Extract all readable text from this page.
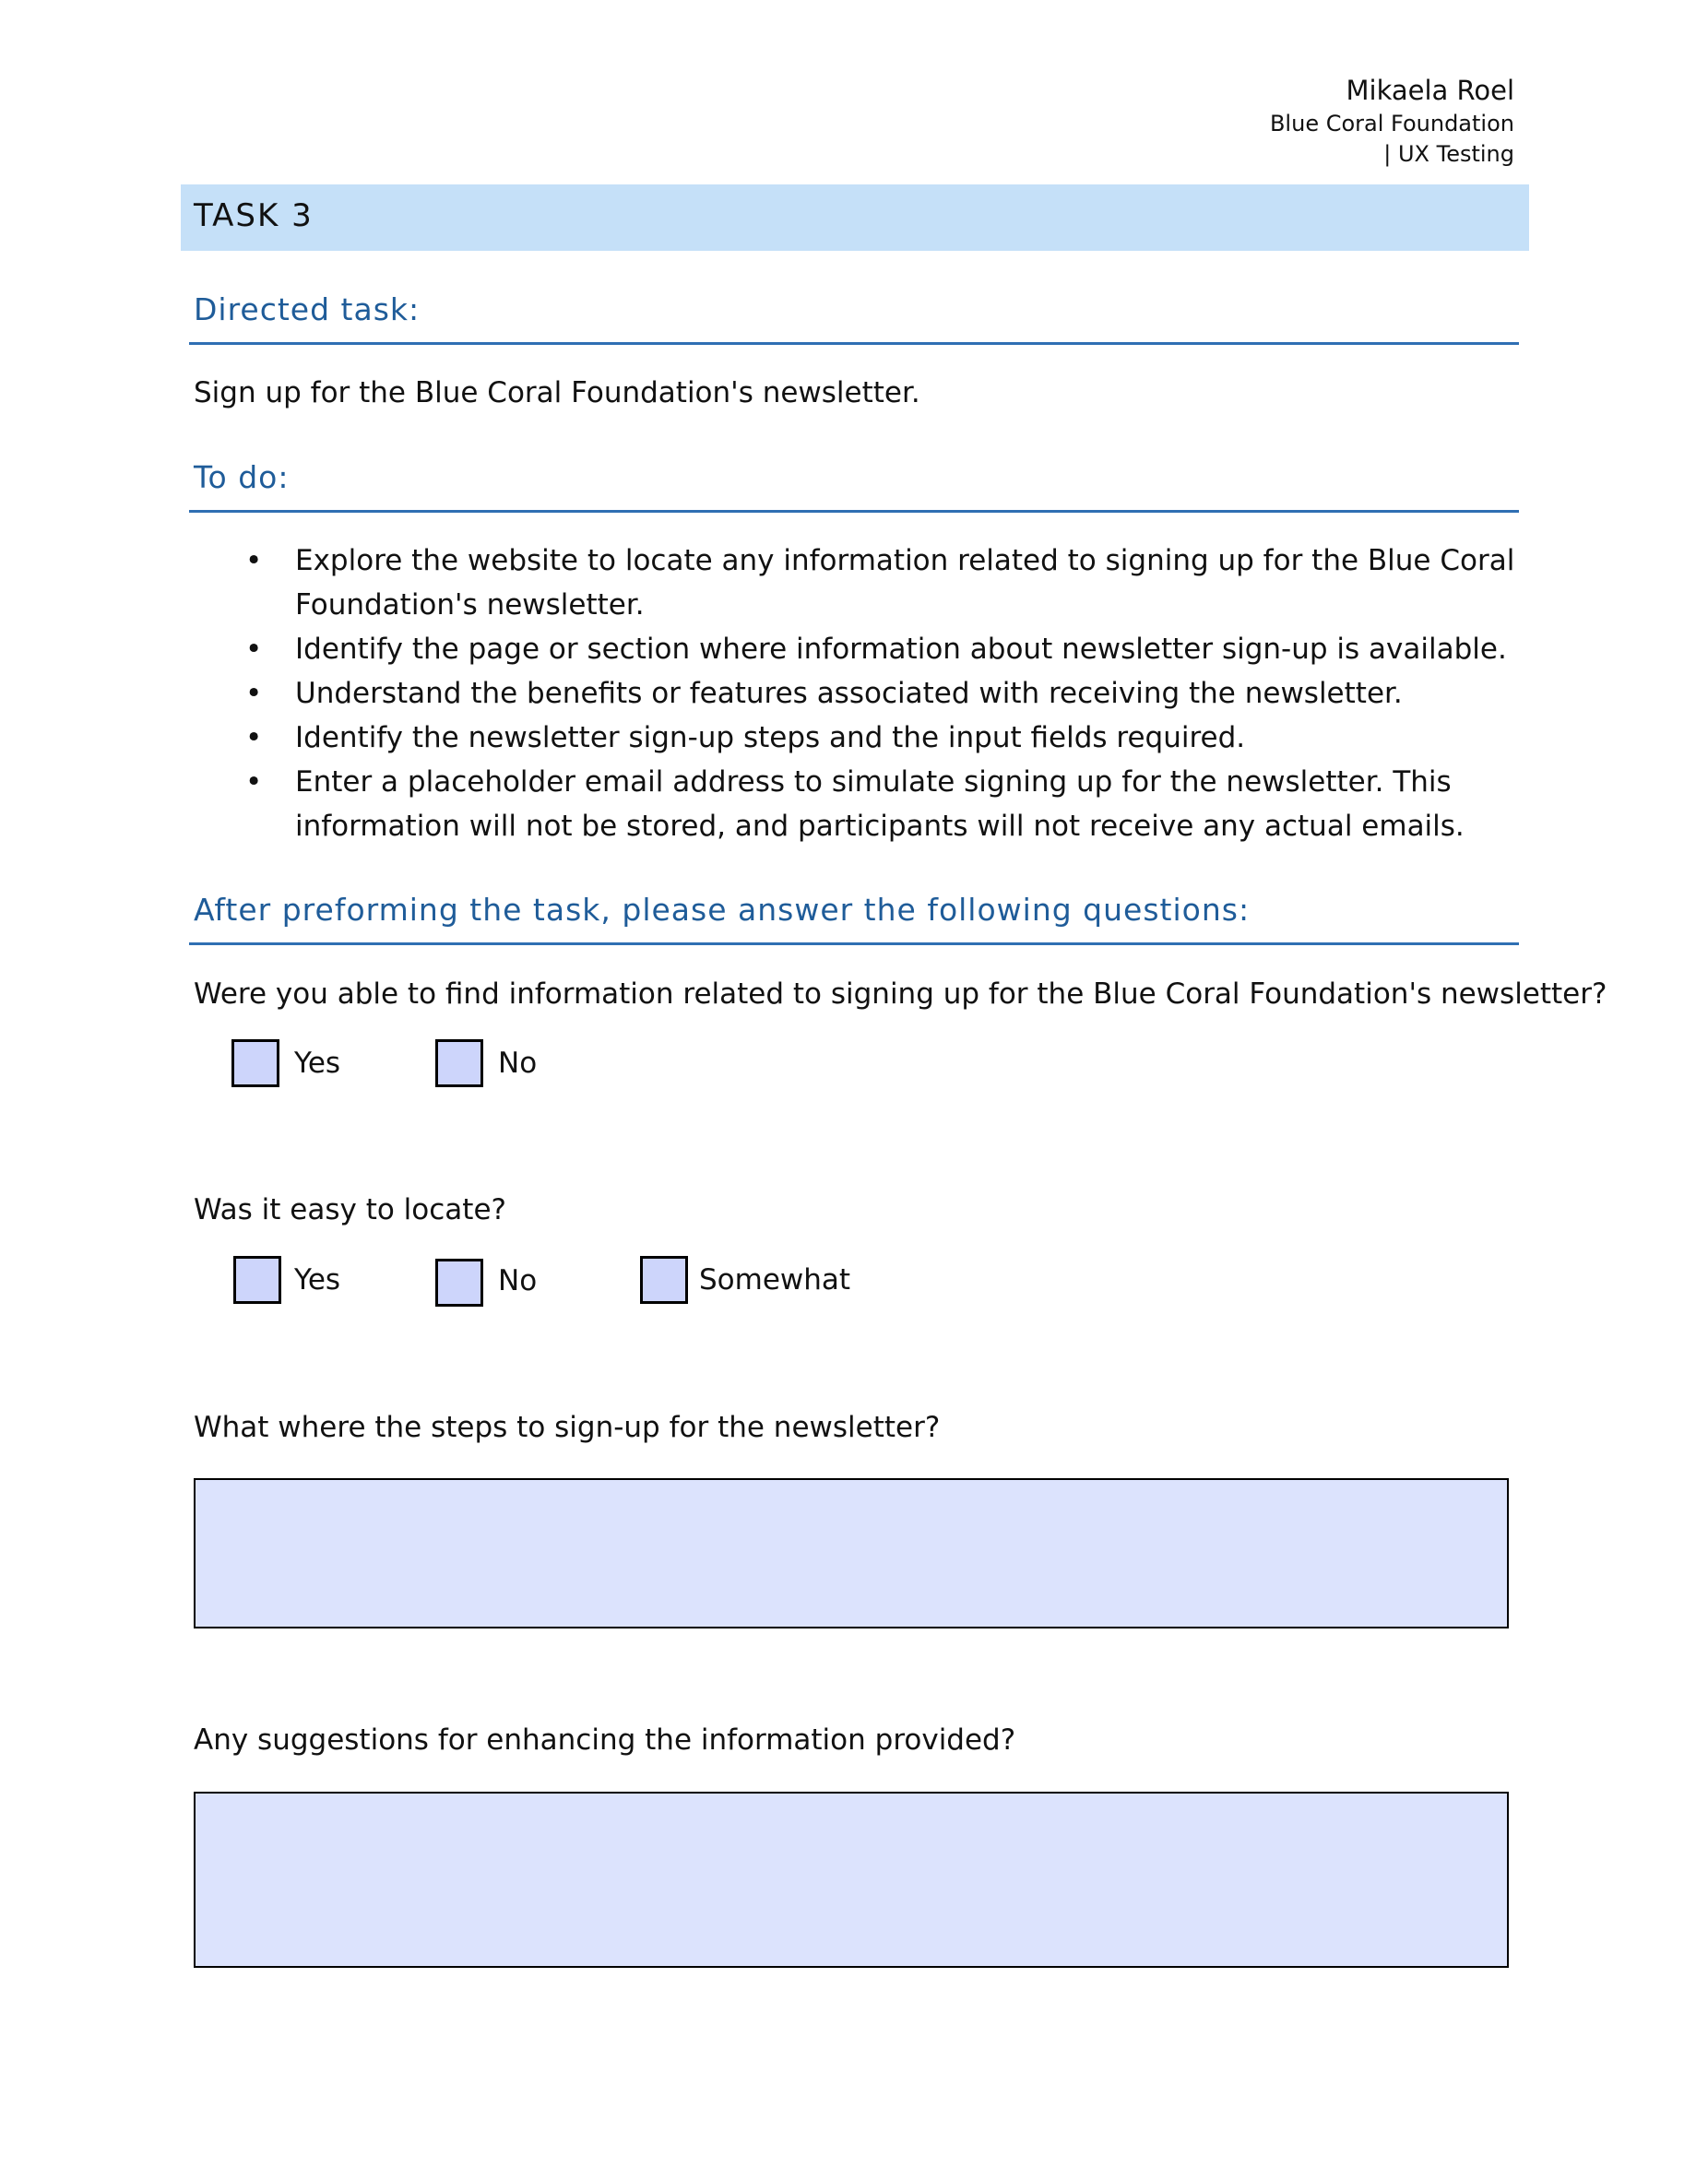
Mikaela Roel
Blue Coral Foundation
| UX Testing
TASK 3
Directed task:
Sign up for the Blue Coral Foundation's newsletter.
To do:
• Explore the website to locate any information related to signing up for the Blue Coral Foundation's newsletter.
• Identify the page or section where information about newsletter sign-up is available.
• Understand the benefits or features associated with receiving the newsletter.
• Identify the newsletter sign-up steps and the input fields required.
• Enter a placeholder email address to simulate signing up for the newsletter. This information will not be stored, and participants will not receive any actual emails.
After preforming the task, please answer the following questions:
Were you able to find information related to signing up for the Blue Coral Foundation's newsletter?
Yes	No
Was it easy to locate?
Yes	No	Somewhat
What where the steps to sign-up for the newsletter?
Any suggestions for enhancing the information provided?
